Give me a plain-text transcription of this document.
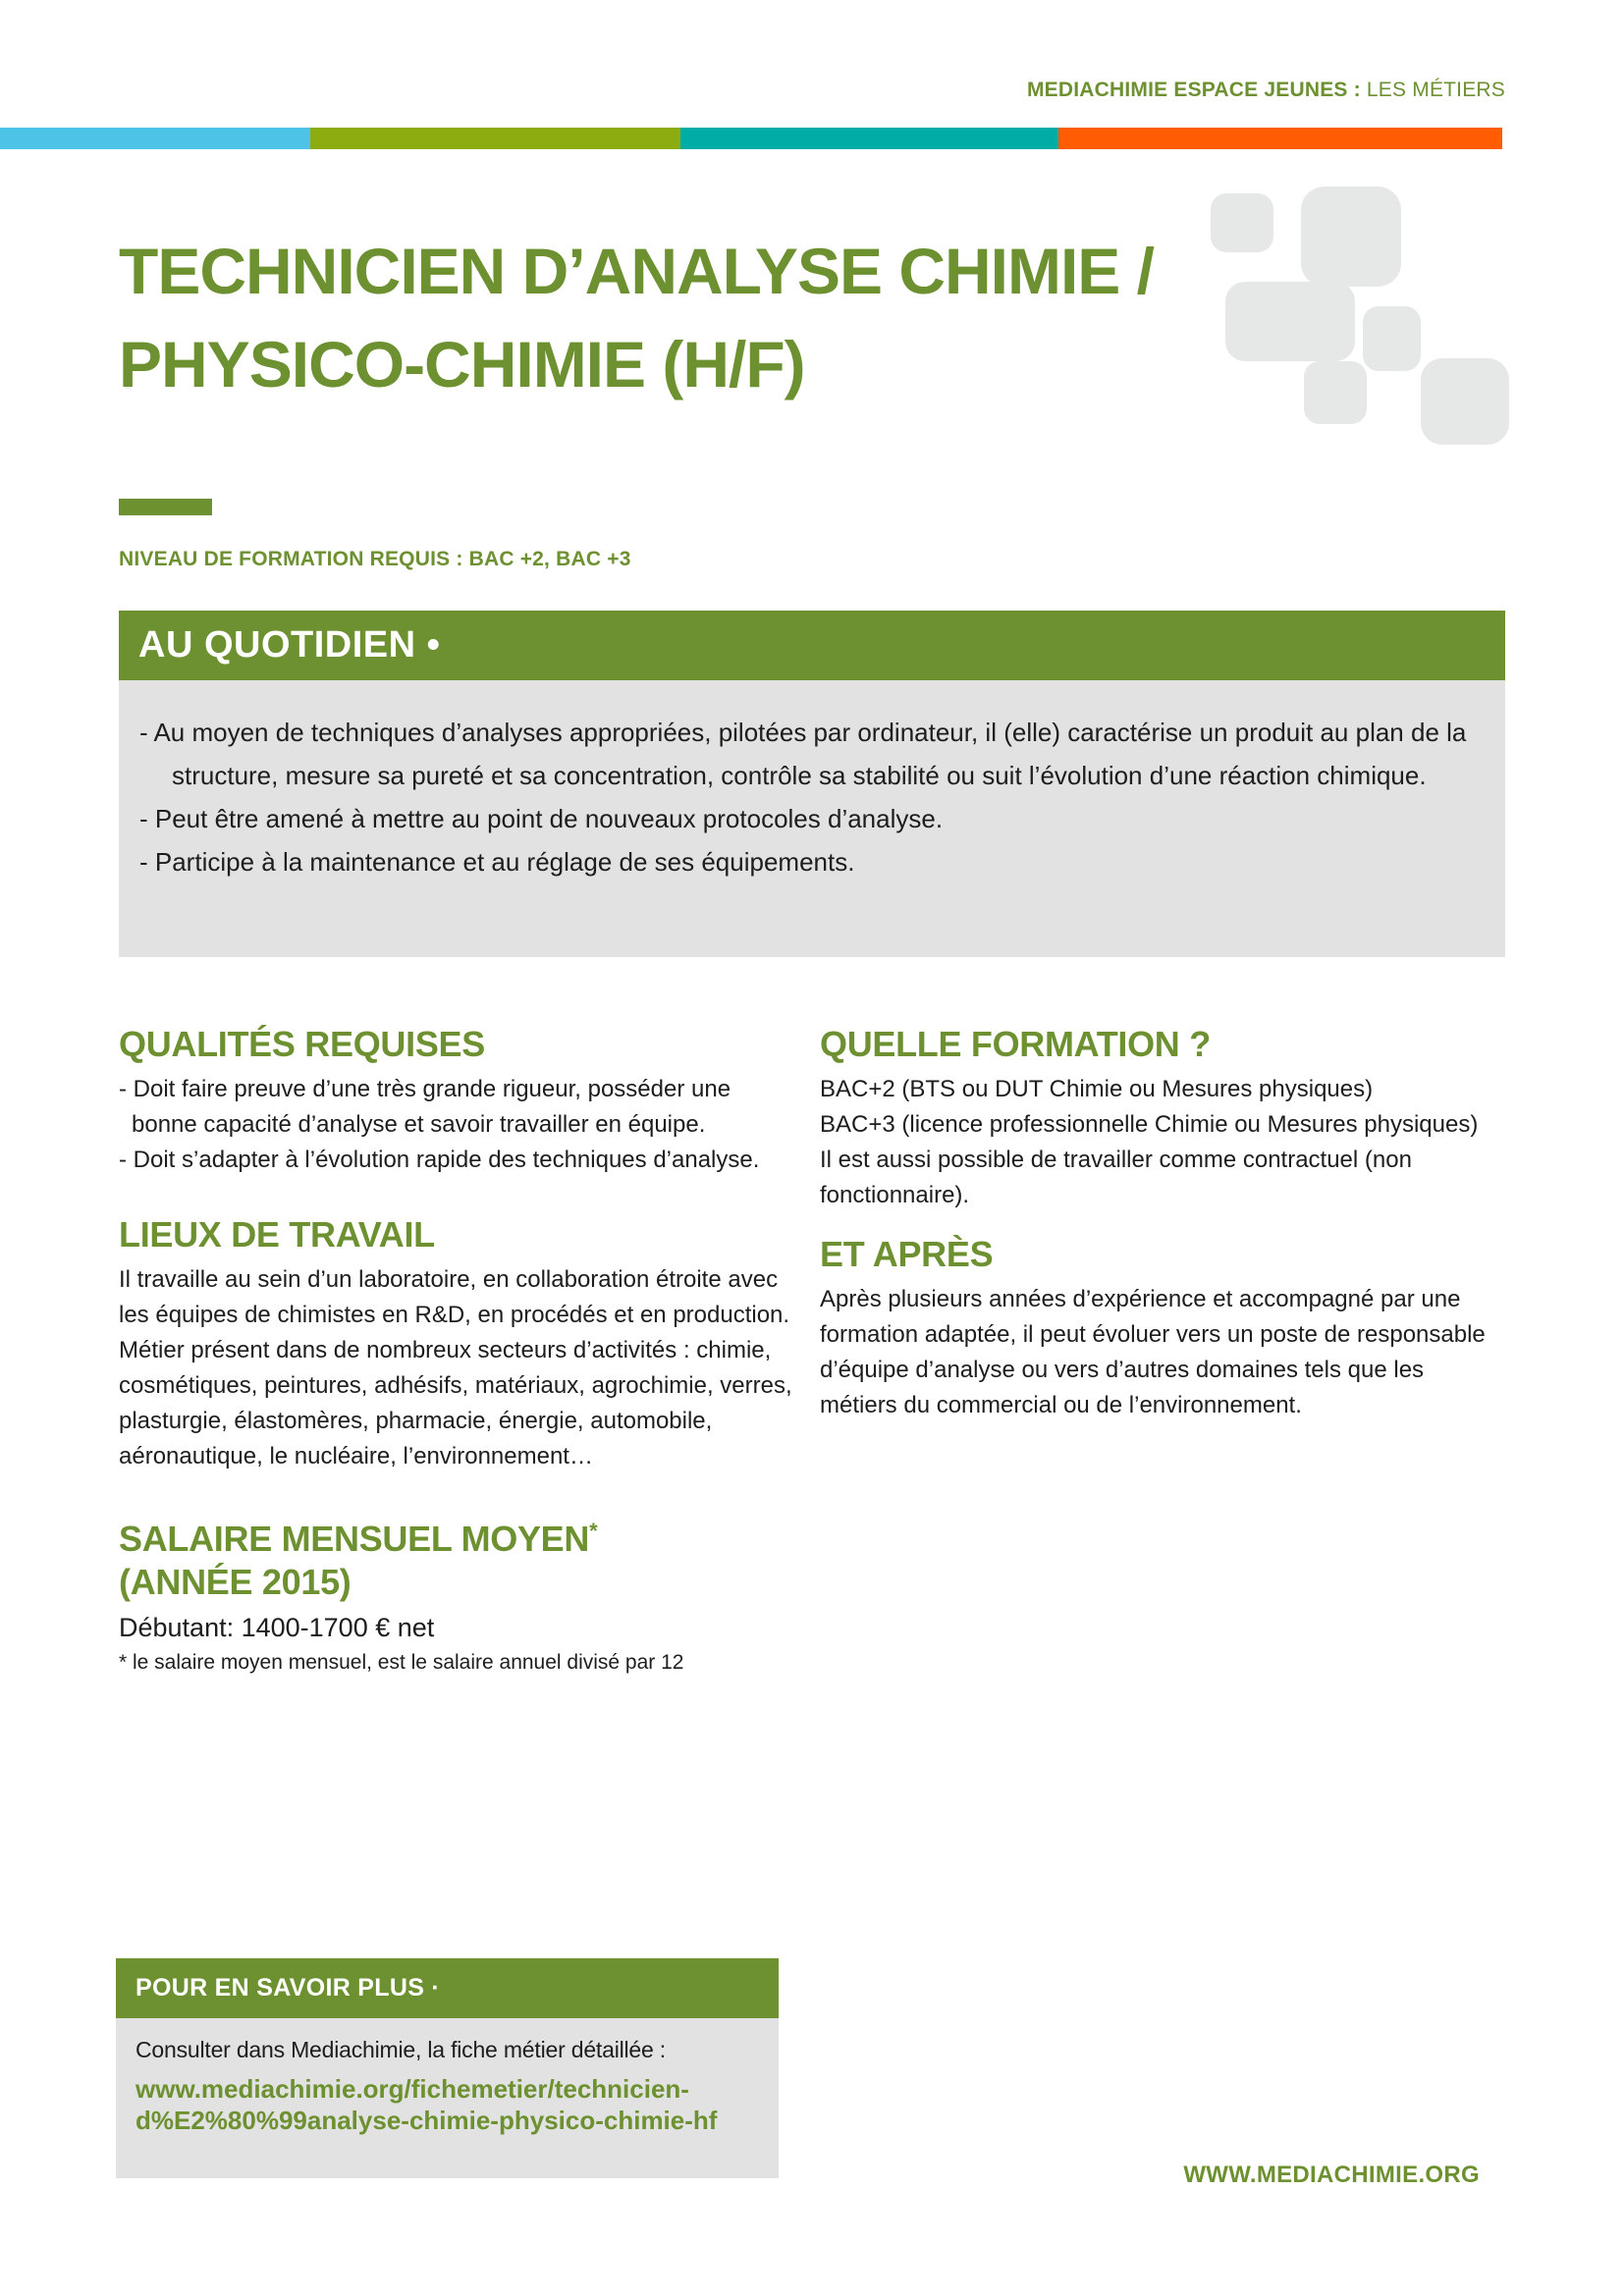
MEDIACHIMIE ESPACE JEUNES : LES MÉTIERS
TECHNICIEN D’ANALYSE CHIMIE /
PHYSICO-CHIMIE (H/F)
NIVEAU DE FORMATION REQUIS : BAC +2, BAC +3
AU QUOTIDIEN •
- Au moyen de techniques d’analyses appropriées, pilotées par ordinateur, il (elle) caractérise un produit au plan de la structure, mesure sa pureté et sa concentration, contrôle sa stabilité ou suit l’évolution d’une réaction chimique.
- Peut être amené à mettre au point de nouveaux protocoles d’analyse.
- Participe à la maintenance et au réglage de ses équipements.
QUALITÉS REQUISES
- Doit faire preuve d’une très grande rigueur, posséder une bonne capacité d’analyse et savoir travailler en équipe.
- Doit s’adapter à l’évolution rapide des techniques d’analyse.
LIEUX DE TRAVAIL
Il travaille au sein d’un laboratoire, en collaboration étroite avec les équipes de chimistes en R&D, en procédés et en production.
Métier présent dans de nombreux secteurs d’activités : chimie, cosmétiques, peintures, adhésifs, matériaux, agrochimie, verres, plasturgie, élastomères, pharmacie, énergie, automobile, aéronautique, le nucléaire, l’environnement…
SALAIRE MENSUEL MOYEN*
(ANNÉE 2015)
Débutant: 1400-1700 € net
* le salaire moyen mensuel, est le salaire annuel divisé par 12
QUELLE FORMATION ?
BAC+2 (BTS ou DUT Chimie ou Mesures physiques)
BAC+3 (licence professionnelle Chimie ou Mesures physiques)
Il est aussi possible de travailler comme contractuel (non fonctionnaire).
ET APRÈS
Après plusieurs années d’expérience et accompagné par une formation adaptée, il peut évoluer vers un poste de responsable d’équipe d’analyse ou vers d’autres domaines tels que les métiers du commercial ou de l’environnement.
POUR EN SAVOIR PLUS ·
Consulter dans Mediachimie, la fiche métier détaillée :
www.mediachimie.org/fichemetier/technicien-
d%E2%80%99analyse-chimie-physico-chimie-hf
WWW.MEDIACHIMIE.ORG
